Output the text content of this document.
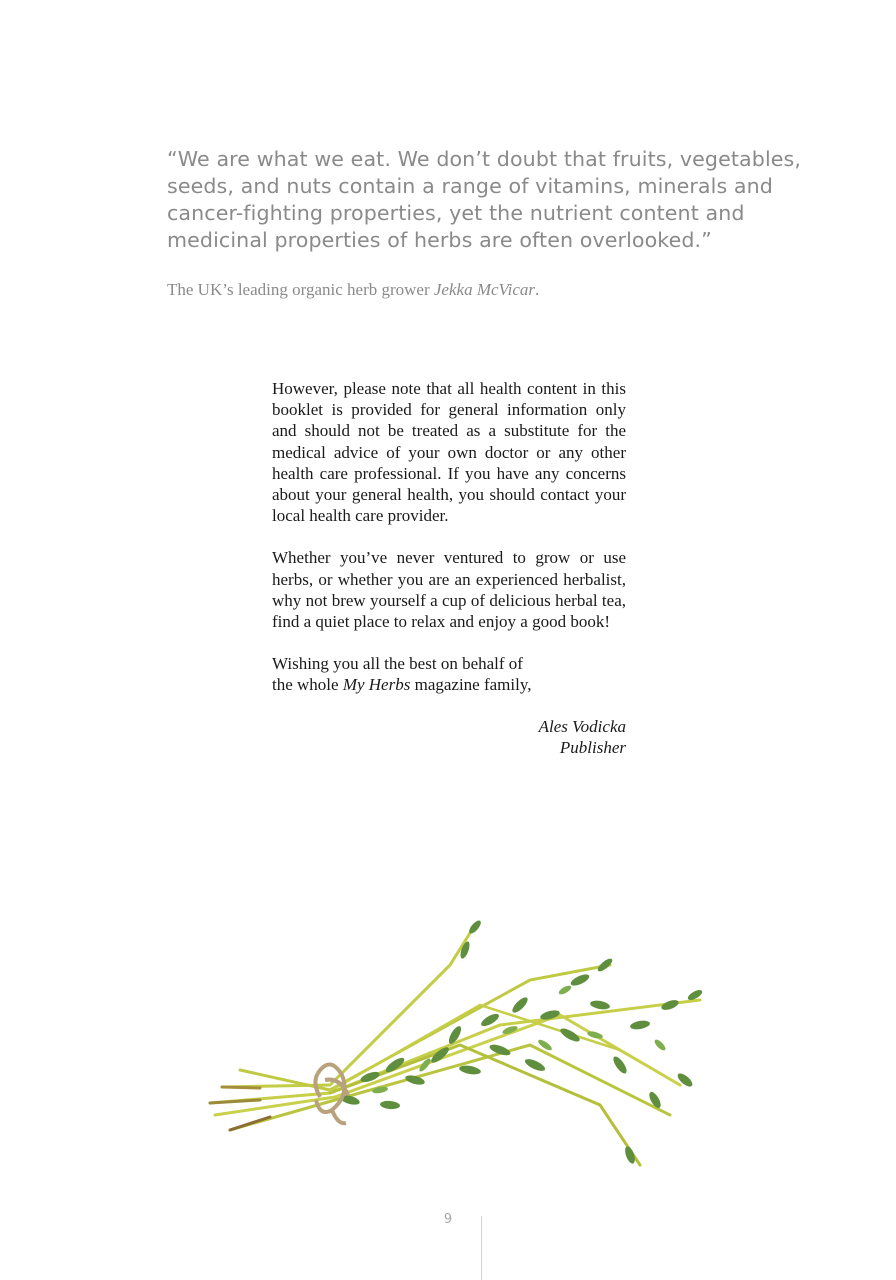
“We are what we eat. We don’t doubt that fruits, vegetables, seeds, and nuts contain a range of vitamins, minerals and cancer-fighting properties, yet the nutrient content and medicinal properties of herbs are often overlooked.”

The UK’s leading organic herb grower Jekka McVicar.

However, please note that all health content in this booklet is provided for general information only and should not be treated as a substitute for the medical advice of your own doctor or any other health care professional. If you have any concerns about your general health, you should contact your local health care provider.

Whether you’ve never ventured to grow or use herbs, or whether you are an experienced herbalist, why not brew yourself a cup of delicious herbal tea, find a quiet place to relax and enjoy a good book!

Wishing you all the best on behalf of
the whole My Herbs magazine family,

Ales Vodicka
Publisher
9
